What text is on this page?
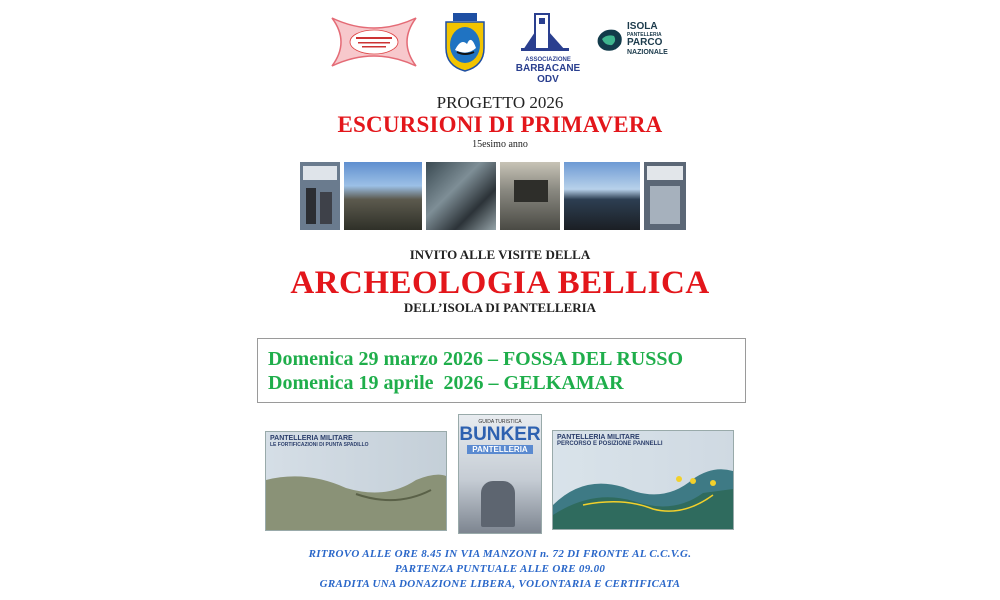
ASSOCIAZIONE
BARBACANE ODV
ISOLA
PANTELLERIA
PARCO
NAZIONALE
PROGETTO 2026
ESCURSIONI DI PRIMAVERA
15esimo anno
INVITO ALLE VISITE DELLA
ARCHEOLOGIA BELLICA
DELL’ISOLA DI PANTELLERIA
Domenica 29 marzo 2026 – FOSSA DEL RUSSO
Domenica 19 aprile  2026 – GELKAMAR
PANTELLERIA MILITARE
LE FORTIFICAZIONI DI PUNTA SPADILLO
GUIDA TURISTICA
BUNKER
PANTELLERIA
PANTELLERIA MILITARE
PERCORSO E POSIZIONE PANNELLI
RITROVO ALLE ORE 8.45 IN VIA MANZONI n. 72 DI FRONTE AL C.C.V.G.
PARTENZA PUNTUALE ALLE ORE 09.00
GRADITA UNA DONAZIONE LIBERA, VOLONTARIA E CERTIFICATA
